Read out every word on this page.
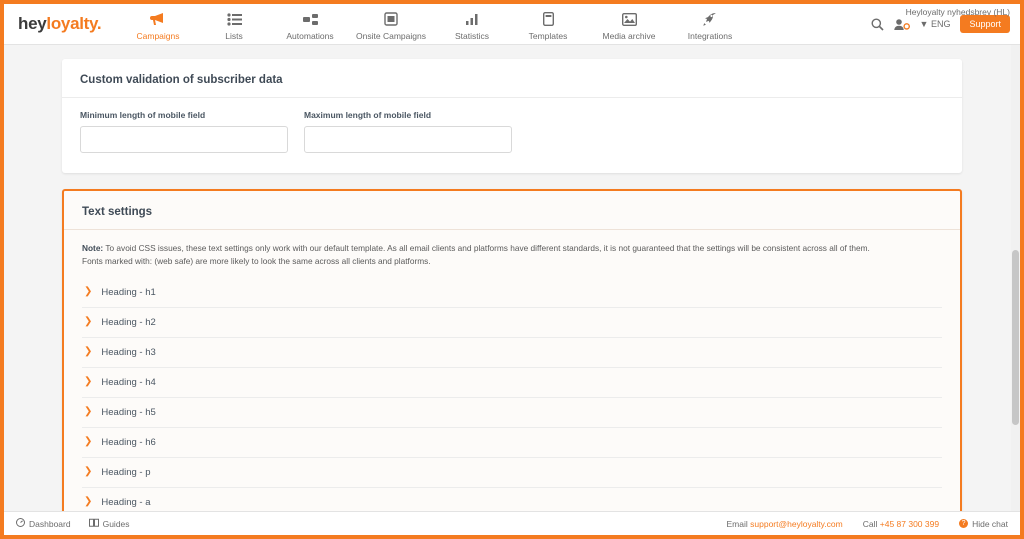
heyloyalty.
Campaigns	Lists	Automations	Onsite Campaigns	Statistics	Templates	Media archive	Integrations
Heyloyalty nyhedsbrev (HL)
▼ ENG	Support
Custom validation of subscriber data
Minimum length of mobile field	Maximum length of mobile field
Text settings
Note: To avoid CSS issues, these text settings only work with our default template. As all email clients and platforms have different standards, it is not guaranteed that the settings will be consistent across all of them.
Fonts marked with: (web safe) are more likely to look the same across all clients and platforms.
❯ Heading - h1
❯ Heading - h2
❯ Heading - h3
❯ Heading - h4
❯ Heading - h5
❯ Heading - h6
❯ Heading - p
❯ Heading - a
Dashboard	Guides	Email support@heyloyalty.com Call +45 87 300 399	? Hide chat
